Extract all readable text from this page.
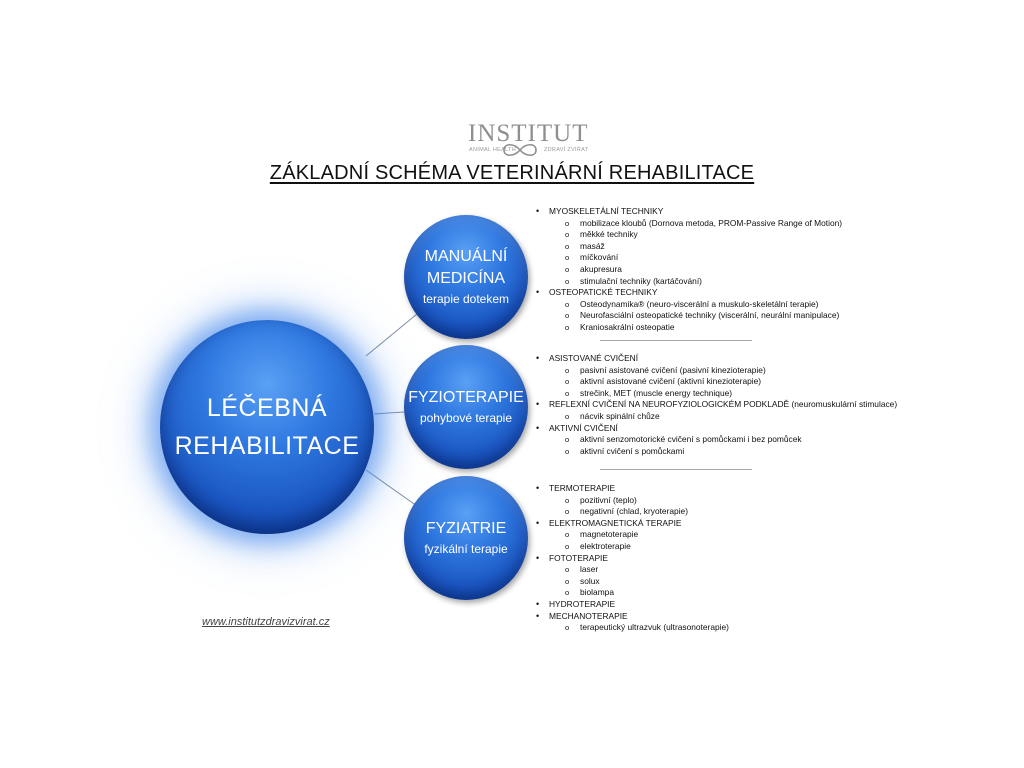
INSTITUT
ANIMAL HEALTH	ZDRAVÍ ZVÍŘAT
ZÁKLADNÍ SCHÉMA VETERINÁRNÍ REHABILITACE
LÉČEBNÁ
REHABILITACE
MANUÁLNÍ
MEDICÍNA
terapie dotekem
FYZIOTERAPIE
pohybové terapie
FYZIATRIE
fyzikální terapie
• MYOSKELETÁLNÍ TECHNIKY
o mobilizace kloubů (Dornova metoda, PROM-Passive Range of Motion)
o měkké techniky
o masáž
o míčkování
o akupresura
o stimulační techniky (kartáčování)
• OSTEOPATICKÉ TECHNIKY
o Osteodynamika® (neuro-viscerální a muskulo-skeletální terapie)
o Neurofasciální osteopatické techniky (viscerální, neurální manipulace)
o Kraniosakrální osteopatie
• ASISTOVANÉ CVIČENÍ
o pasivní asistované cvičení (pasivní kinezioterapie)
o aktivní asistované cvičení (aktivní kinezioterapie)
o strečink, MET (muscle energy technique)
• REFLEXNÍ CVIČENÍ NA NEUROFYZIOLOGICKÉM PODKLADĚ (neuromuskulární stimulace)
o nácvik spinální chůze
• AKTIVNÍ CVIČENÍ
o aktivní senzomotorické cvičení s pomůckami i bez pomůcek
o aktivní cvičení s pomůckami
• TERMOTERAPIE
o pozitivní (teplo)
o negativní (chlad, kryoterapie)
• ELEKTROMAGNETICKÁ TERAPIE
o magnetoterapie
o elektroterapie
• FOTOTERAPIE
o laser
o solux
o biolampa
• HYDROTERAPIE
• MECHANOTERAPIE
o terapeutický ultrazvuk (ultrasonoterapie)
www.institutzdravizvirat.cz
